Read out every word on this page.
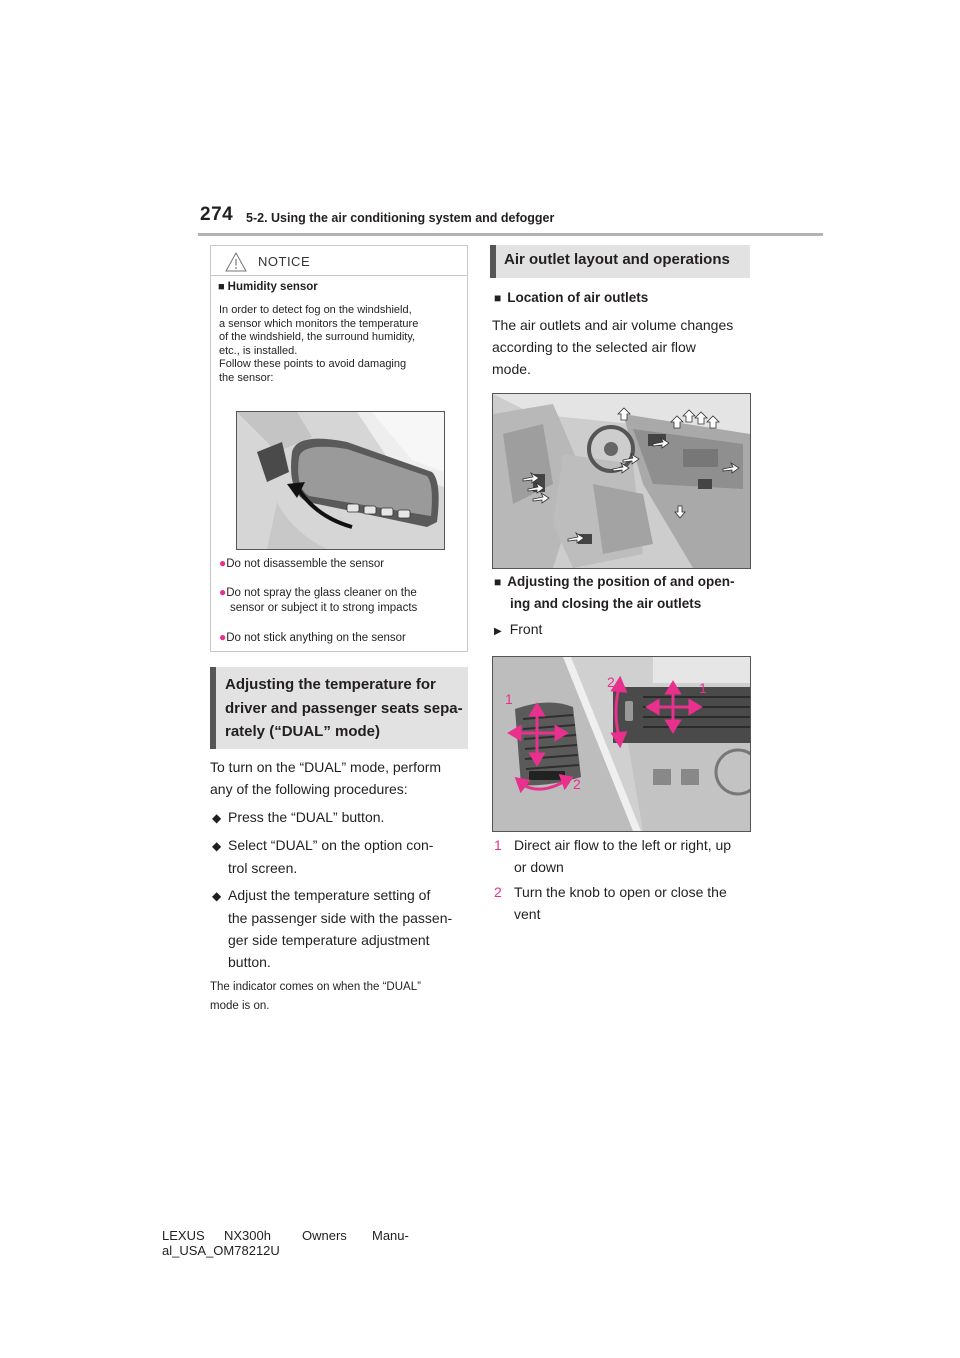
274 5-2. Using the air conditioning system and defogger
NOTICE
■ Humidity sensor
In order to detect fog on the windshield,
a sensor which monitors the temperature
of the windshield, the surround humidity,
etc., is installed.
Follow these points to avoid damaging
the sensor:
●Do not disassemble the sensor
●Do not spray the glass cleaner on the
sensor or subject it to strong impacts
●Do not stick anything on the sensor
Adjusting the temperature for
driver and passenger seats sepa-
rately (“DUAL” mode)
To turn on the “DUAL” mode, perform
any of the following procedures:
◆ Press the “DUAL” button.
◆ Select “DUAL” on the option con-
trol screen.
◆ Adjust the temperature setting of
the passenger side with the passen-
ger side temperature adjustment
button.
The indicator comes on when the “DUAL”
mode is on.
Air outlet layout and operations
■ Location of air outlets
The air outlets and air volume changes
according to the selected air flow
mode.
■ Adjusting the position of and open-
ing and closing the air outlets
▶ Front
1
2	1
2
1 Direct air flow to the left or right, up
or down
2 Turn the knob to open or close the
vent
LEXUS NX300h Owners Manu-
al_USA_OM78212U
